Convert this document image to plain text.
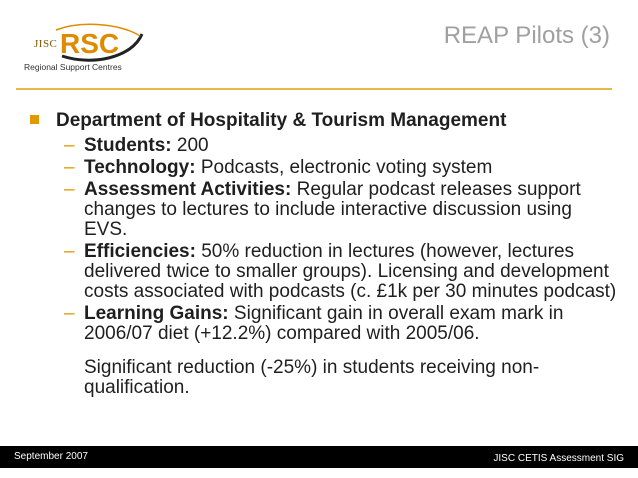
JISC RSC
Regional Support Centres
REAP Pilots (3)
Department of Hospitality & Tourism Management
– Students: 200
– Technology: Podcasts, electronic voting system
– Assessment Activities: Regular podcast releases support changes to lectures to include interactive discussion using EVS.
– Efficiencies: 50% reduction in lectures (however, lectures delivered twice to smaller groups). Licensing and development costs associated with podcasts (c. £1k per 30 minutes podcast)
– Learning Gains: Significant gain in overall exam mark in 2006/07 diet (+12.2%) compared with 2005/06.
Significant reduction (-25%) in students receiving non-qualification.
September 2007	JISC CETIS Assessment SIG
